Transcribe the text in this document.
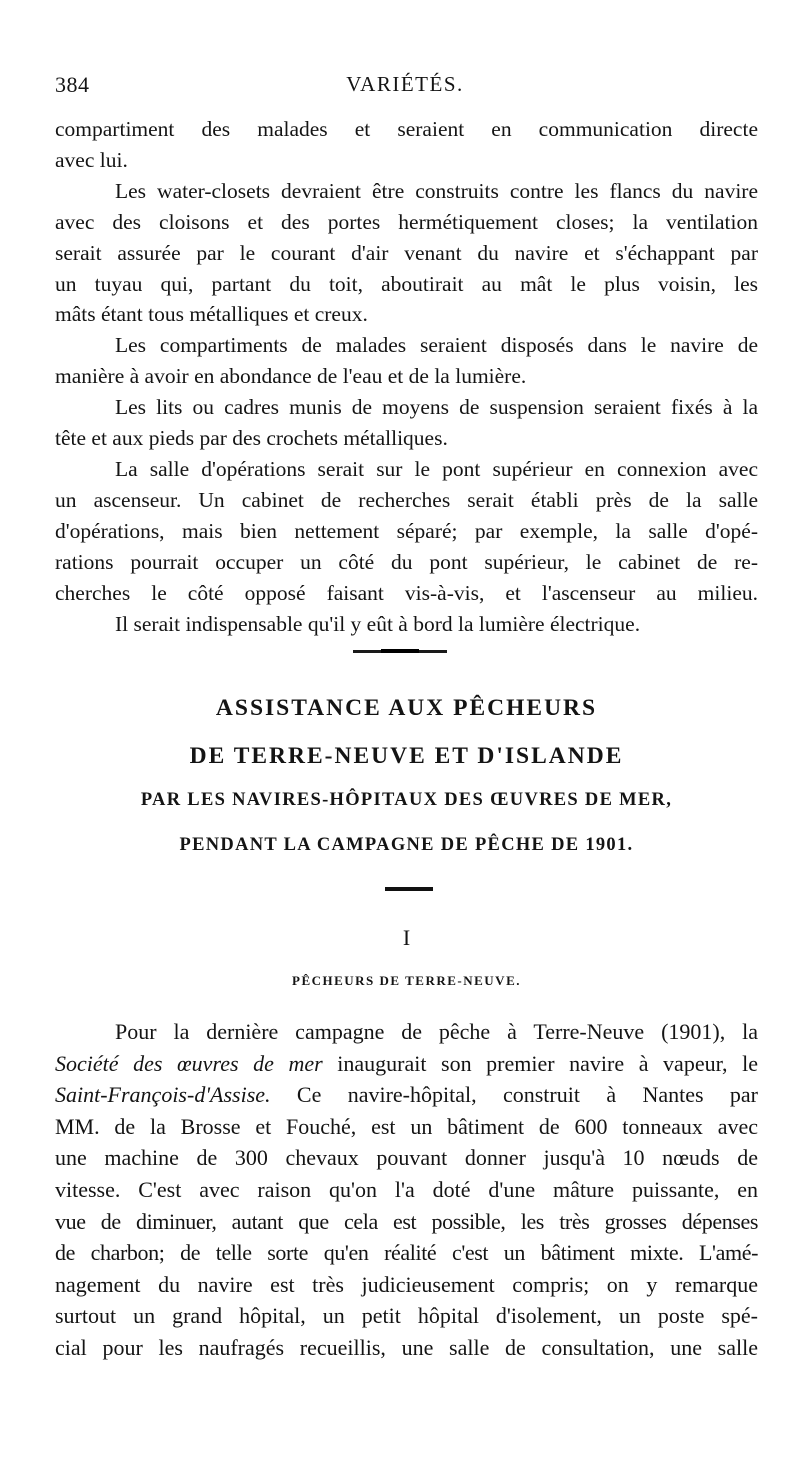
384	VARIÉTÉS.
compartiment des malades et seraient en communication directe
avec lui.
Les water-closets devraient être construits contre les flancs du navire
avec des cloisons et des portes hermétiquement closes; la ventilation
serait assurée par le courant d'air venant du navire et s'échappant par
un tuyau qui, partant du toit, aboutirait au mât le plus voisin, les
mâts étant tous métalliques et creux.
Les compartiments de malades seraient disposés dans le navire de
manière à avoir en abondance de l'eau et de la lumière.
Les lits ou cadres munis de moyens de suspension seraient fixés à la
tête et aux pieds par des crochets métalliques.
La salle d'opérations serait sur le pont supérieur en connexion avec
un ascenseur. Un cabinet de recherches serait établi près de la salle
d'opérations, mais bien nettement séparé; par exemple, la salle d'opé-
rations pourrait occuper un côté du pont supérieur, le cabinet de re-
cherches le côté opposé faisant vis-à-vis, et l'ascenseur au milieu.
Il serait indispensable qu'il y eût à bord la lumière électrique.
ASSISTANCE AUX PÊCHEURS
DE TERRE-NEUVE ET D'ISLANDE
PAR LES NAVIRES-HÔPITAUX DES ŒUVRES DE MER,
PENDANT LA CAMPAGNE DE PÊCHE DE 1901.
I
PÊCHEURS DE TERRE-NEUVE.
Pour la dernière campagne de pêche à Terre-Neuve (1901), la
Société des œuvres de mer inaugurait son premier navire à vapeur, le
Saint-François-d'Assise. Ce navire-hôpital, construit à Nantes par
MM. de la Brosse et Fouché, est un bâtiment de 600 tonneaux avec
une machine de 300 chevaux pouvant donner jusqu'à 10 nœuds de
vitesse. C'est avec raison qu'on l'a doté d'une mâture puissante, en
vue de diminuer, autant que cela est possible, les très grosses dépenses
de charbon; de telle sorte qu'en réalité c'est un bâtiment mixte. L'amé-
nagement du navire est très judicieusement compris; on y remarque
surtout un grand hôpital, un petit hôpital d'isolement, un poste spé-
cial pour les naufragés recueillis, une salle de consultation, une salle
